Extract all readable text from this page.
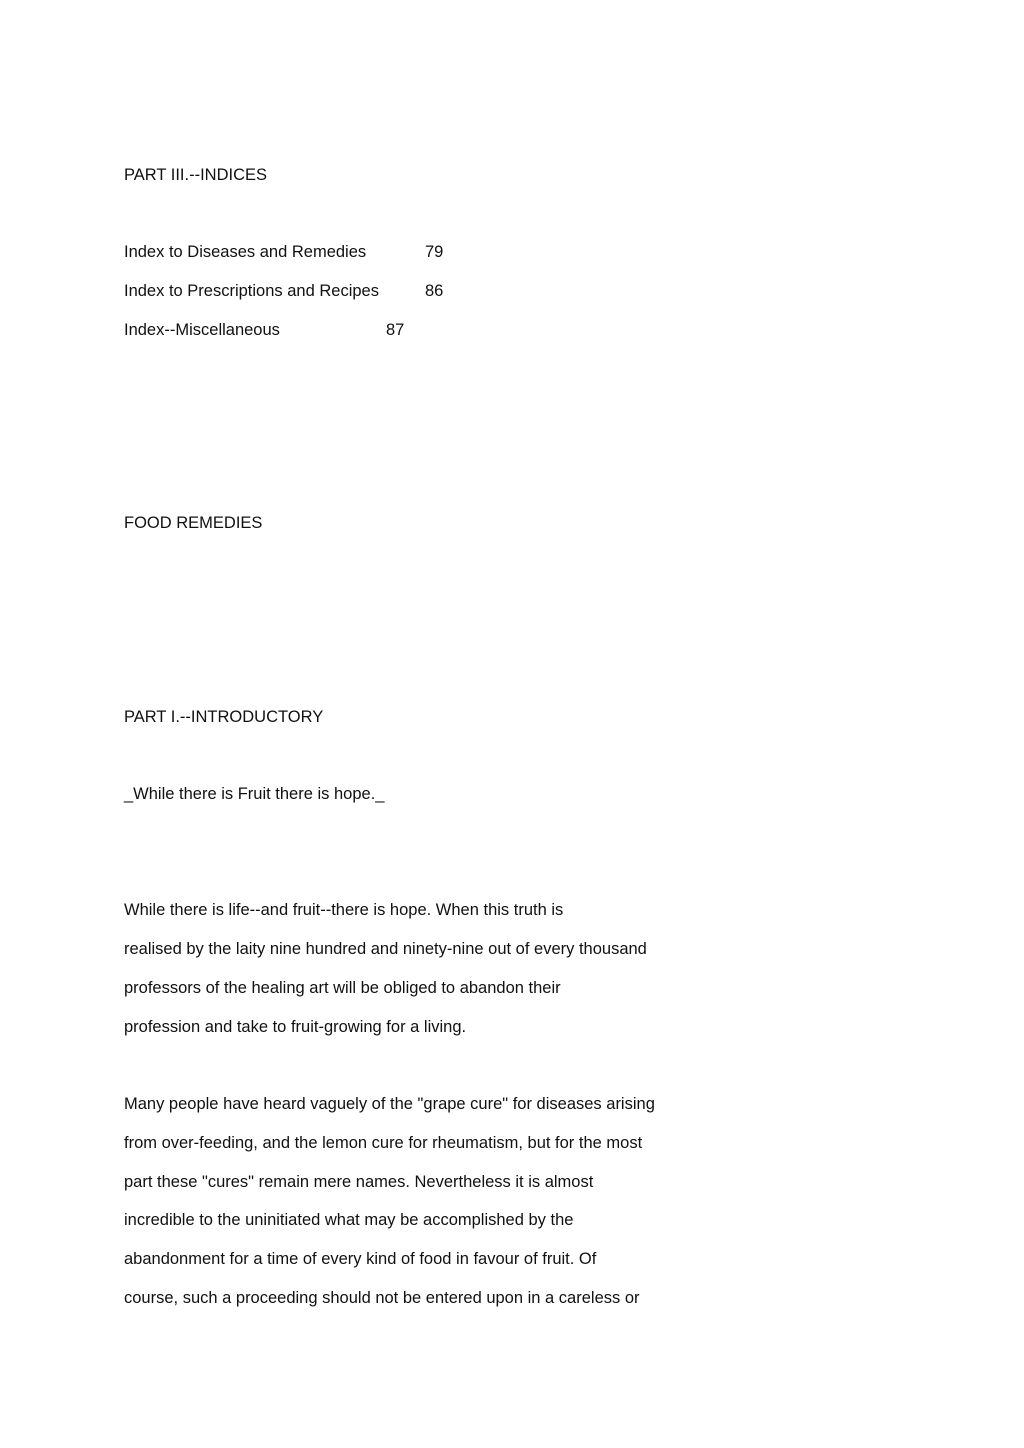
PART III.--INDICES
Index to Diseases and Remedies	79
Index to Prescriptions and Recipes	86
Index--Miscellaneous	87
FOOD REMEDIES
PART I.--INTRODUCTORY
_While there is Fruit there is hope._
While there is life--and fruit--there is hope. When this truth is
realised by the laity nine hundred and ninety-nine out of every thousand
professors of the healing art will be obliged to abandon their
profession and take to fruit-growing for a living.
Many people have heard vaguely of the "grape cure" for diseases arising
from over-feeding, and the lemon cure for rheumatism, but for the most
part these "cures" remain mere names. Nevertheless it is almost
incredible to the uninitiated what may be accomplished by the
abandonment for a time of every kind of food in favour of fruit. Of
course, such a proceeding should not be entered upon in a careless or
